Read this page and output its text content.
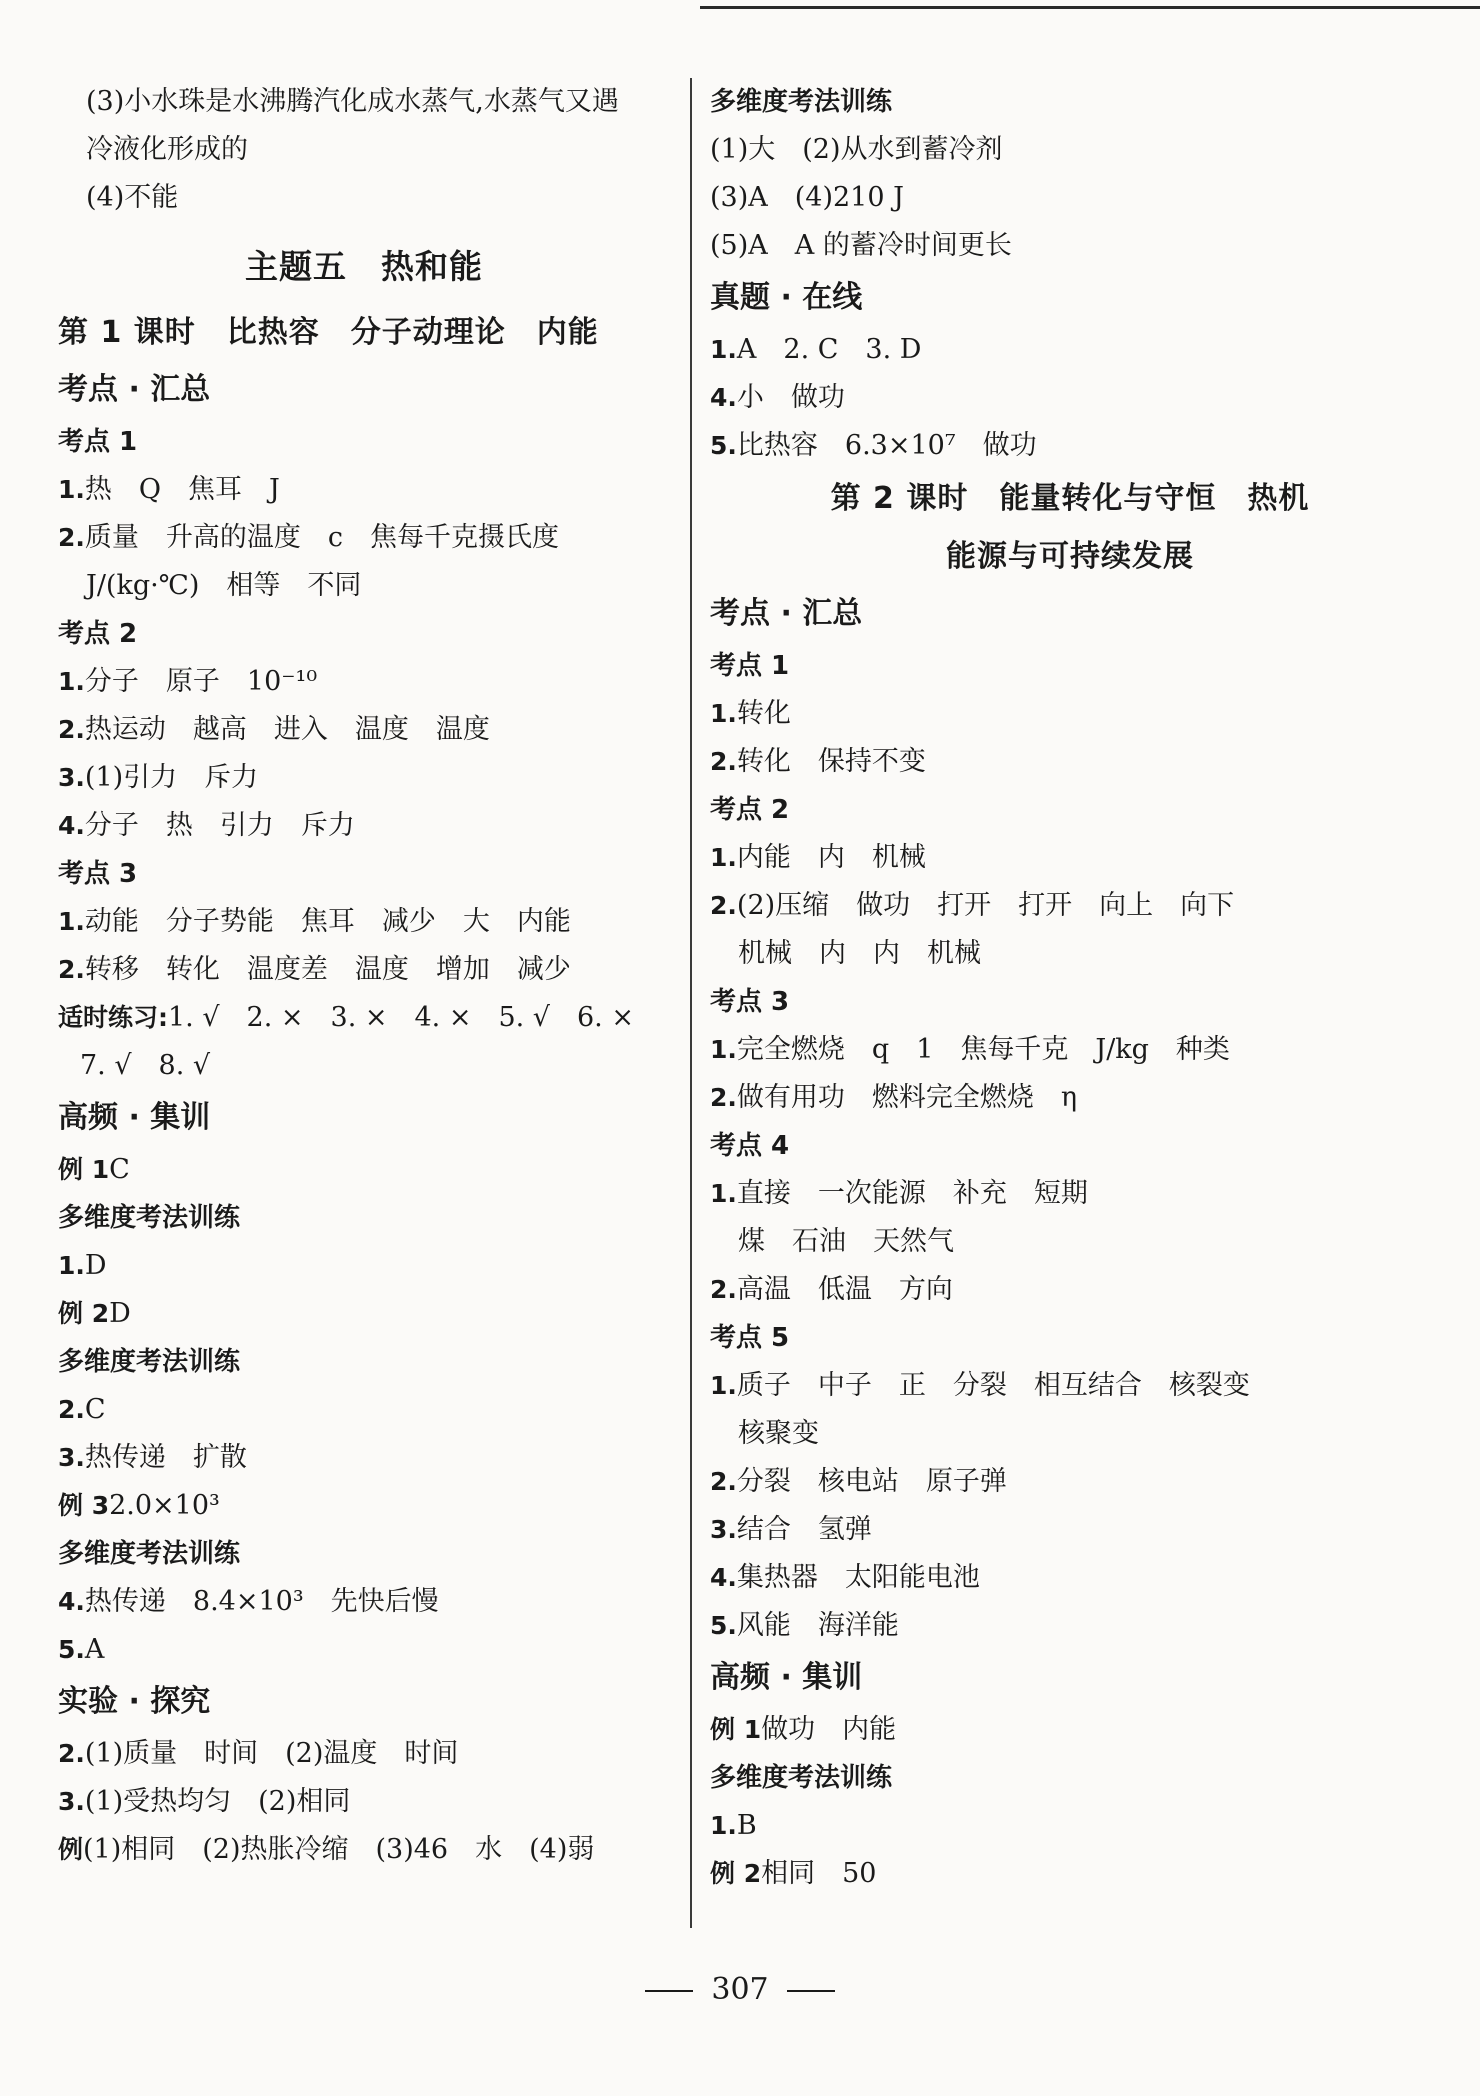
(3)小水珠是水沸腾汽化成水蒸气,水蒸气又遇
冷液化形成的
(4)不能
主题五　热和能
第 1 课时　比热容　分子动理论　内能
考点 · 汇总
考点 1
1.热　Q　焦耳　J
2.质量　升高的温度　c　焦每千克摄氏度
J/(kg·℃)　相等　不同
考点 2
1.分子　原子　10⁻¹⁰
2.热运动　越高　进入　温度　温度
3.(1)引力　斥力
4.分子　热　引力　斥力
考点 3
1.动能　分子势能　焦耳　减少　大　内能
2.转移　转化　温度差　温度　增加　减少
适时练习:1. √　2. ×　3. ×　4. ×　5. √　6. ×
7. √　8. √
高频 · 集训
例 1C
多维度考法训练
1.D
例 2D
多维度考法训练
2.C
3.热传递　扩散
例 32.0×10³
多维度考法训练
4.热传递　8.4×10³　先快后慢
5.A
实验 · 探究
2.(1)质量　时间　(2)温度　时间
3.(1)受热均匀　(2)相同
例(1)相同　(2)热胀冷缩　(3)46　水　(4)弱
多维度考法训练
(1)大　(2)从水到蓄冷剂
(3)A　(4)210 J
(5)A　A 的蓄冷时间更长
真题 · 在线
1.A　2. C　3. D
4.小　做功
5.比热容　6.3×10⁷　做功
第 2 课时　能量转化与守恒　热机
能源与可持续发展
考点 · 汇总
考点 1
1.转化
2.转化　保持不变
考点 2
1.内能　内　机械
2.(2)压缩　做功　打开　打开　向上　向下
机械　内　内　机械
考点 3
1.完全燃烧　q　1　焦每千克　J/kg　种类
2.做有用功　燃料完全燃烧　η
考点 4
1.直接　一次能源　补充　短期
煤　石油　天然气
2.高温　低温　方向
考点 5
1.质子　中子　正　分裂　相互结合　核裂变
核聚变
2.分裂　核电站　原子弹
3.结合　氢弹
4.集热器　太阳能电池
5.风能　海洋能
高频 · 集训
例 1做功　内能
多维度考法训练
1.B
例 2相同　50
307
